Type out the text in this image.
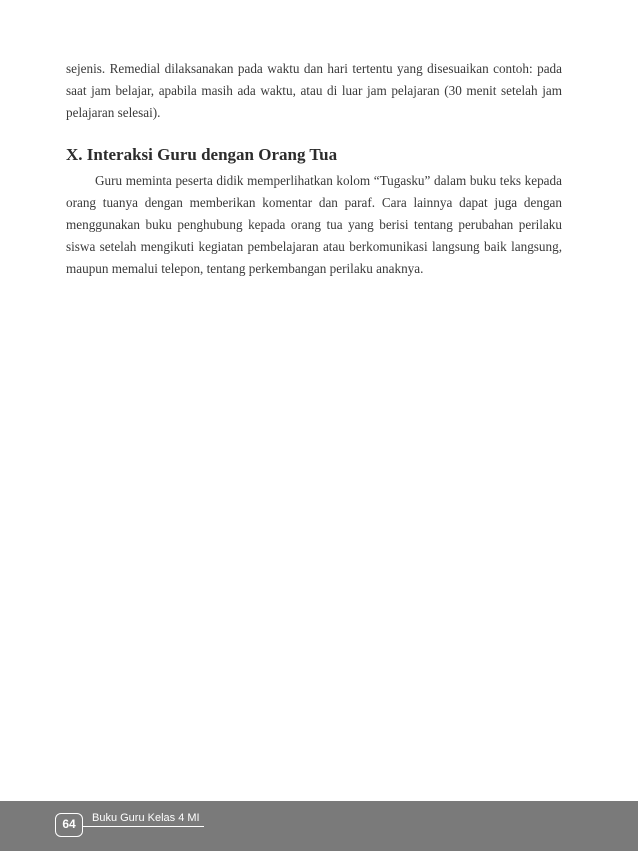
sejenis. Remedial dilaksanakan pada waktu dan hari tertentu yang disesuaikan contoh: pada saat jam belajar, apabila masih ada waktu, atau di luar jam pelajaran (30 menit setelah jam pelajaran selesai).

X. Interaksi Guru dengan Orang Tua

Guru meminta peserta didik memperlihatkan kolom “Tugasku” dalam buku teks kepada orang tuanya dengan memberikan komentar dan paraf. Cara lainnya dapat juga dengan menggunakan buku penghubung kepada orang tua yang berisi tentang perubahan perilaku siswa setelah mengikuti kegiatan pembelajaran atau berkomunikasi langsung baik langsung, maupun memalui telepon, tentang perkembangan perilaku anaknya.

64	Buku Guru Kelas 4 MI
